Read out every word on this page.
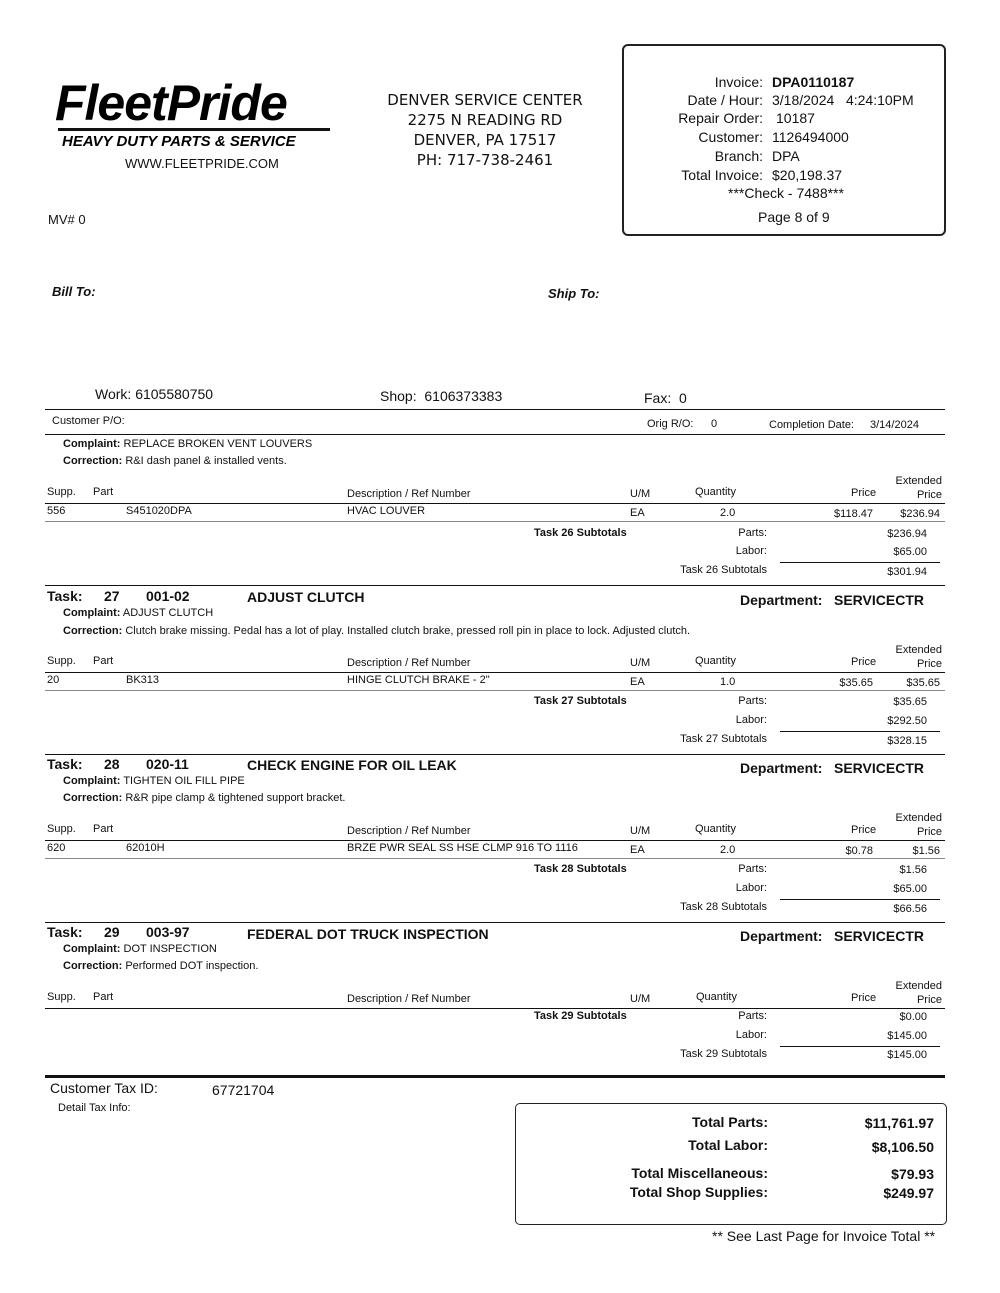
FleetPride
HEAVY DUTY PARTS & SERVICE
WWW.FLEETPRIDE.COM
DENVER SERVICE CENTER
2275 N READING RD
DENVER, PA 17517
PH: 717-738-2461
MV# 0
Invoice: DPA0110187
Date / Hour: 3/18/2024   4:24:10PM
Repair Order: 10187
Customer: 1126494000
Branch: DPA
Total Invoice: $20,198.37
***Check - 7488***
Page 8 of 9
Bill To:	Ship To:
Work: 6105580750	Shop:  6106373383	Fax:  0
Customer P/O:	Orig R/O: 0	Completion Date: 3/14/2024
Complaint: REPLACE BROKEN VENT LOUVERS
Correction: R&I dash panel & installed vents.
Supp. Part	Description / Ref Number	U/M	Quantity	Price
Extended
Price
556	S451020DPA	HVAC LOUVER	EA	2.0	$118.47	$236.94
Task 26 Subtotals	Parts:	$236.94
Labor:	$65.00
Task 26 Subtotals	$301.94
Task: 27 001-02	ADJUST CLUTCH	Department: SERVICECTR
Complaint: ADJUST CLUTCH
Correction: Clutch brake missing. Pedal has a lot of play. Installed clutch brake, pressed roll pin in place to lock. Adjusted clutch.
Supp. Part	Description / Ref Number	U/M	Quantity	Price
Extended
Price
20	BK313	HINGE CLUTCH BRAKE - 2"	EA	1.0	$35.65	$35.65
Task 27 Subtotals	Parts:	$35.65
Labor:	$292.50
Task 27 Subtotals	$328.15
Task: 28 020-11	CHECK ENGINE FOR OIL LEAK	Department: SERVICECTR
Complaint: TIGHTEN OIL FILL PIPE
Correction: R&R pipe clamp & tightened support bracket.
Supp. Part	Description / Ref Number	U/M	Quantity	Price
Extended
Price
620	62010H	BRZE PWR SEAL SS HSE CLMP 916 TO 1116	EA	2.0	$0.78	$1.56
Task 28 Subtotals	Parts:	$1.56
Labor:	$65.00
Task 28 Subtotals	$66.56
Task: 29 003-97	FEDERAL DOT TRUCK INSPECTION	Department: SERVICECTR
Complaint: DOT INSPECTION
Correction: Performed DOT inspection.
Supp. Part	Description / Ref Number	U/M	Quantity	Price
Extended
Price
Task 29 Subtotals	Parts:	$0.00
Labor:	$145.00
Task 29 Subtotals	$145.00
Customer Tax ID:	67721704
Detail Tax Info:
Total Parts:	$11,761.97
Total Labor:	$8,106.50
Total Miscellaneous:	$79.93
Total Shop Supplies:	$249.97
** See Last Page for Invoice Total **
